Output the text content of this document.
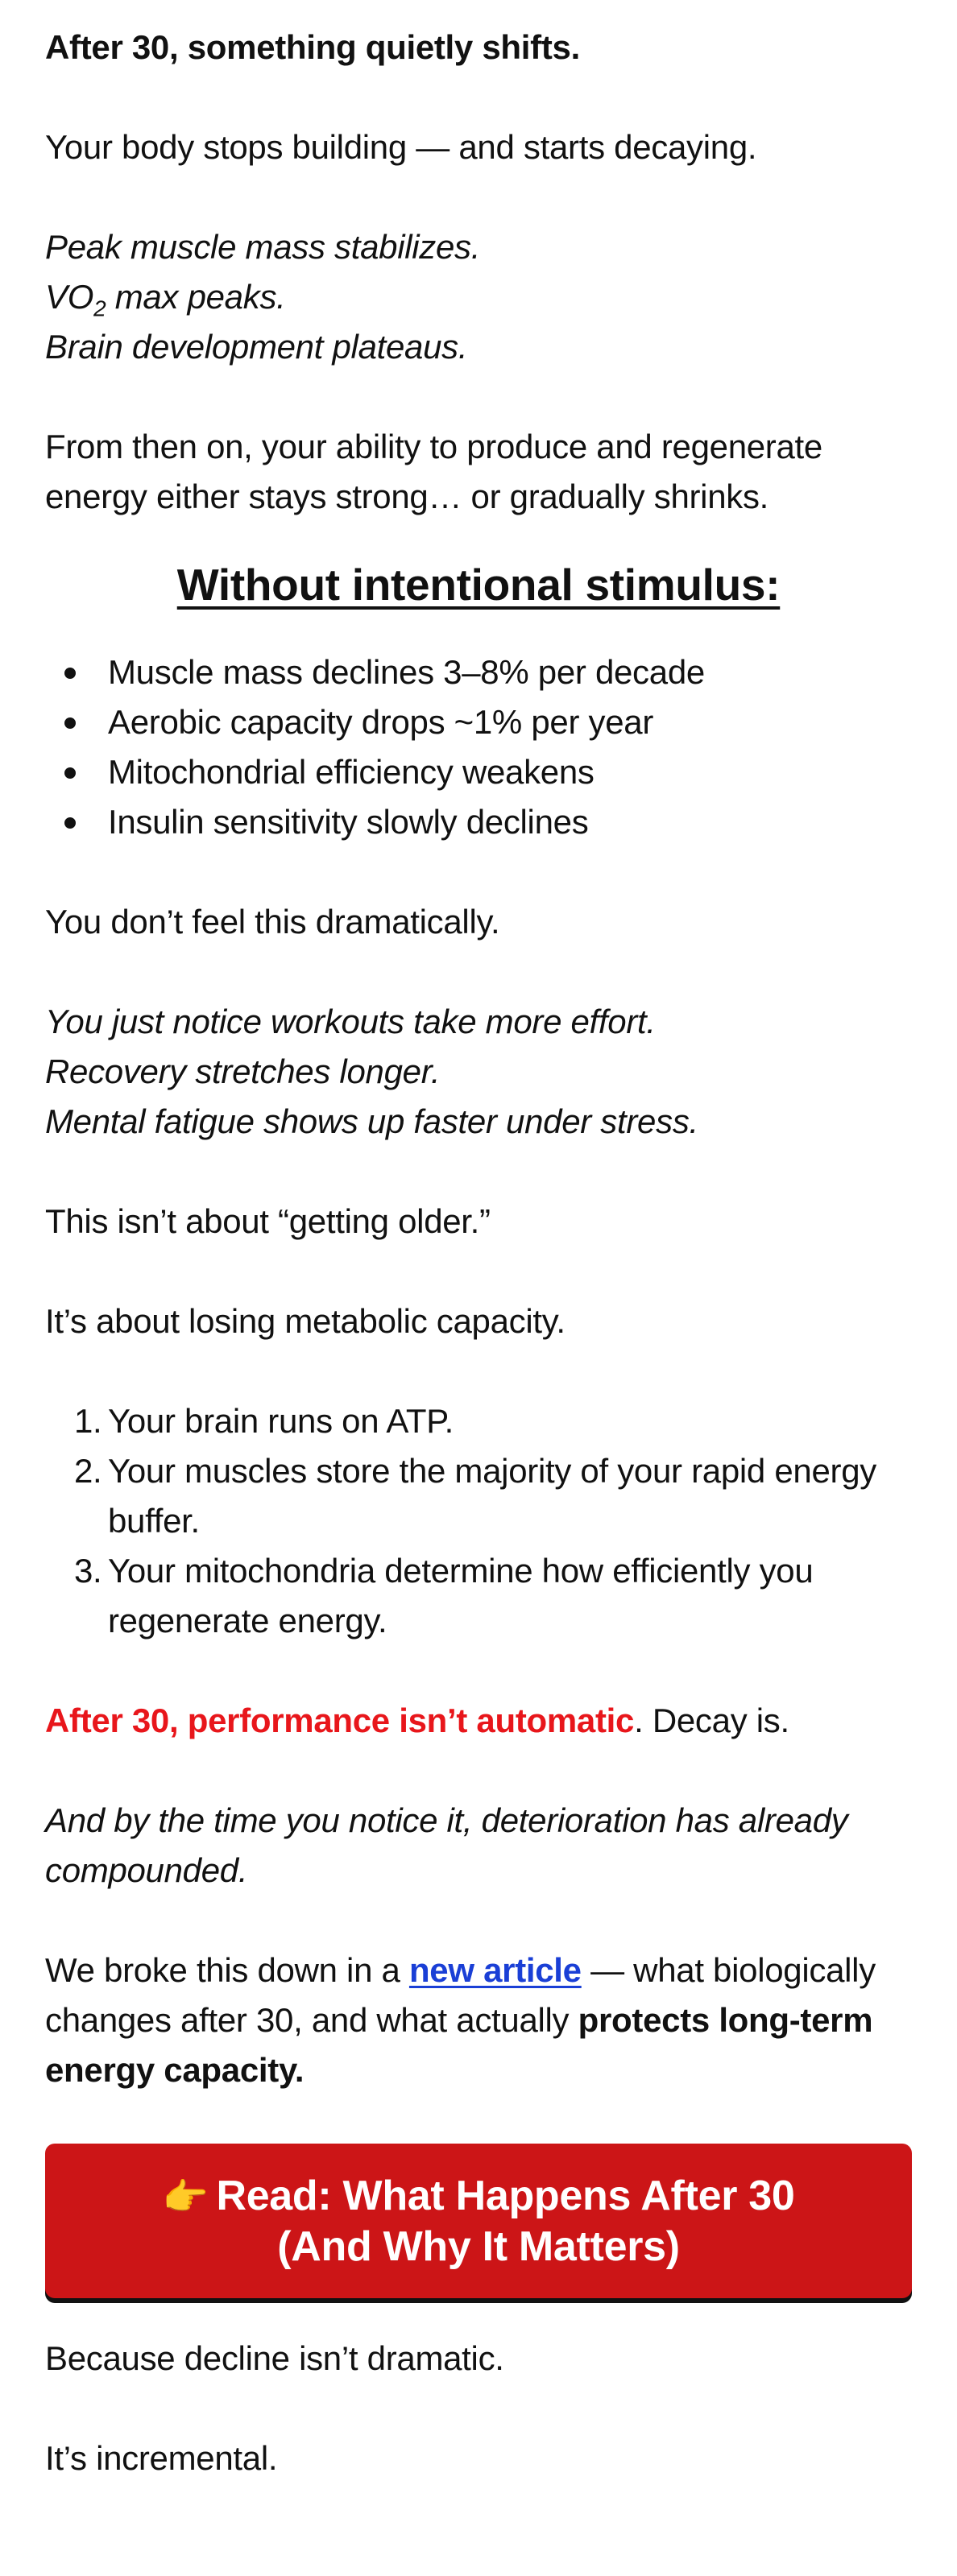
After 30, something quietly shifts.

Your body stops building — and starts decaying.

Peak muscle mass stabilizes.

$VO_2$ max peaks.

Brain development plateaus.

From then on, your ability to produce and regenerate energy either stays strong… or gradually shrinks.

Without intentional stimulus:
Muscle mass declines 3–8% per decade
Aerobic capacity drops ~1% per year
Mitochondrial efficiency weakens
Insulin sensitivity slowly declines

You don’t feel this dramatically.

You just notice workouts take more effort.

Recovery stretches longer.

Mental fatigue shows up faster under stress.

This isn’t about “getting older.”

It’s about losing metabolic capacity.

1. Your brain runs on ATP.
2. Your muscles store the majority of your rapid energy buffer.
3. Your mitochondria determine how efficiently you regenerate energy.

After 30, performance isn’t automatic. Decay is.

And by the time you notice it, deterioration has already compounded.

We broke this down in a new article — what biologically changes after 30, and what actually protects long-term energy capacity.

👉 Read: What Happens After 30
(And Why It Matters)

Because decline isn’t dramatic.

It’s incremental.
